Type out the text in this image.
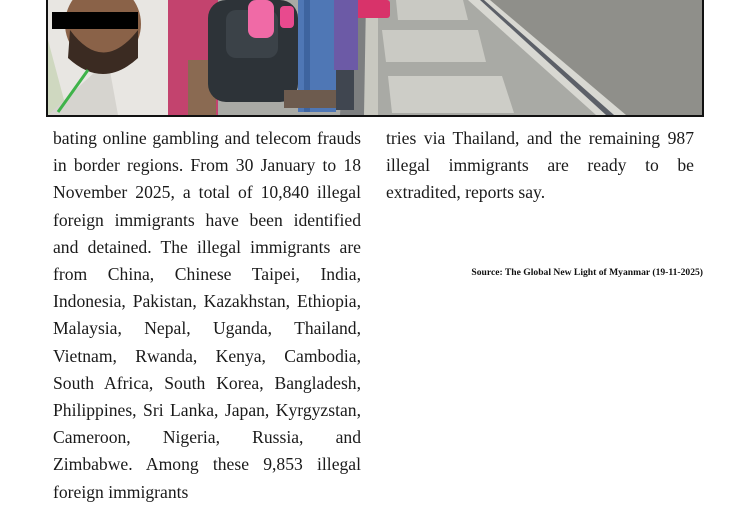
bating online gambling and telecom frauds in border regions. From 30 January to 18 November 2025, a total of 10,840 illegal foreign immigrants have been identified and detained. The illegal immigrants are from China, Chinese Taipei, India, Indonesia, Pakistan, Kazakhstan, Ethiopia, Malaysia, Nepal, Uganda, Thailand, Vietnam, Rwanda, Kenya, Cambodia, South Africa, South Korea, Bangladesh, Philippines, Sri Lanka, Japan, Kyrgyzstan, Cameroon, Nigeria, Russia, and Zimbabwe. Among these 9,853 illegal foreign immigrants
tries via Thailand, and the remaining 987 illegal immigrants are ready to be extradited, reports say.
Source: The Global New Light of Myanmar (19-11-2025)
